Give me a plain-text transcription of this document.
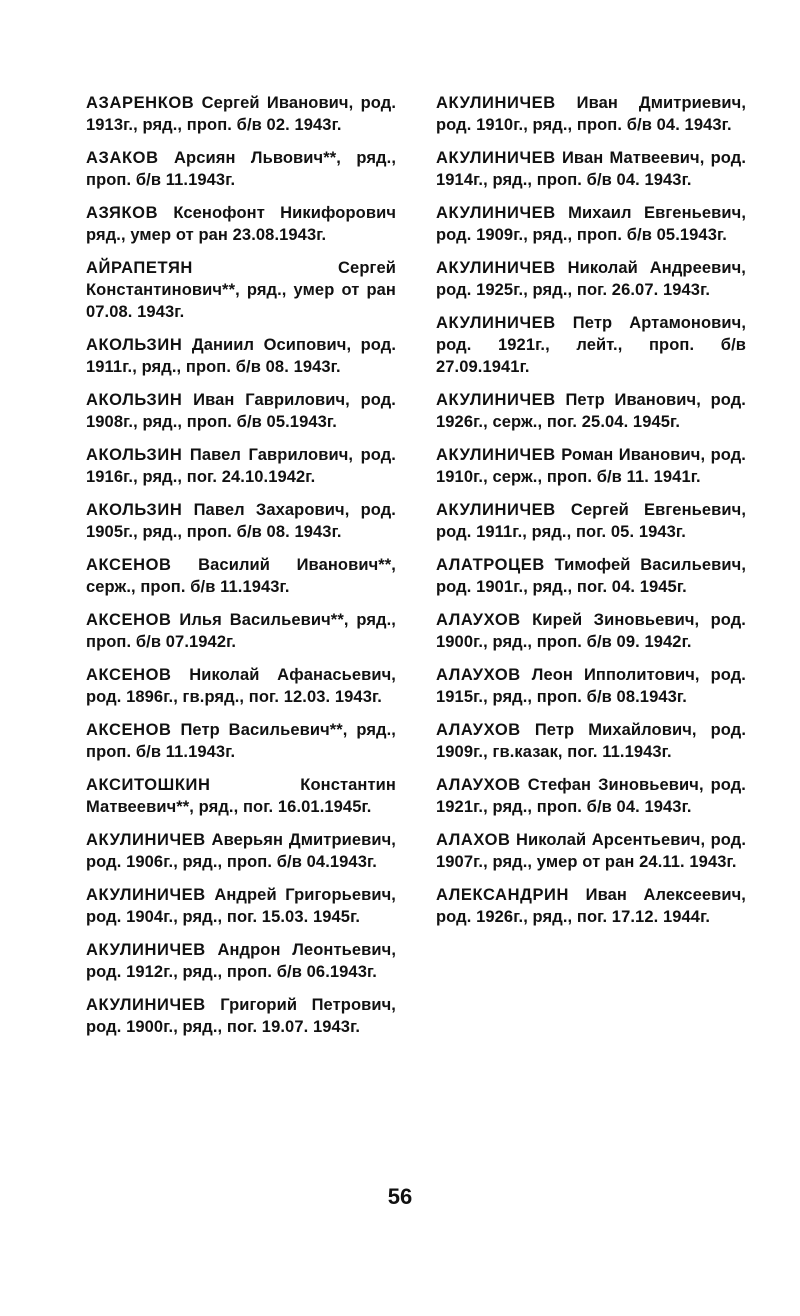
АЗАРЕНКОВ Сергей Иванович, род. 1913г., ряд., проп. б/в 02. 1943г.

АЗАКОВ Арсиян Львович**, ряд., проп. б/в 11.1943г.

АЗЯКОВ Ксенофонт Никифорович ряд., умер от ран 23.08.1943г.

АЙРАПЕТЯН	Сергей Константинович**, ряд., умер от ран 07.08. 1943г.

АКОЛЬЗИН Даниил Осипович, род. 1911г., ряд., проп. б/в 08. 1943г.

АКОЛЬЗИН Иван Гаврилович, род. 1908г., ряд., проп. б/в 05.1943г.

АКОЛЬЗИН Павел Гаврилович, род. 1916г., ряд., пог. 24.10.1942г.

АКОЛЬЗИН Павел Захарович, род. 1905г., ряд., проп. б/в 08. 1943г.

АКСЕНОВ Василий Иванович**, серж., проп. б/в 11.1943г.

АКСЕНОВ Илья Васильевич**, ряд., проп. б/в 07.1942г.

АКСЕНОВ Николай Афанасьевич, род. 1896г., гв.ряд., пог. 12.03. 1943г.

АКСЕНОВ Петр Васильевич**, ряд., проп. б/в 11.1943г.

АКСИТОШКИН	Константин Матвеевич**, ряд., пог. 16.01.1945г.

АКУЛИНИЧЕВ Аверьян Дмитриевич, род. 1906г., ряд., проп. б/в 04.1943г.

АКУЛИНИЧЕВ Андрей Григорьевич, род. 1904г., ряд., пог. 15.03. 1945г.

АКУЛИНИЧЕВ Андрон Леонтьевич, род. 1912г., ряд., проп. б/в 06.1943г.

АКУЛИНИЧЕВ Григорий Петрович, род. 1900г., ряд., пог. 19.07. 1943г.

АКУЛИНИЧЕВ Иван Дмитриевич, род. 1910г., ряд., проп. б/в 04. 1943г.

АКУЛИНИЧЕВ Иван Матвеевич, род. 1914г., ряд., проп. б/в 04. 1943г.

АКУЛИНИЧЕВ Михаил Евгеньевич, род. 1909г., ряд., проп. б/в 05.1943г.

АКУЛИНИЧЕВ Николай Андреевич, род. 1925г., ряд., пог. 26.07. 1943г.

АКУЛИНИЧЕВ Петр Артамонович, род. 1921г., лейт., проп. б/в 27.09.1941г.

АКУЛИНИЧЕВ Петр Иванович, род. 1926г., серж., пог. 25.04. 1945г.

АКУЛИНИЧЕВ Роман Иванович, род. 1910г., серж., проп. б/в 11. 1941г.

АКУЛИНИЧЕВ Сергей Евгеньевич, род. 1911г., ряд., пог. 05. 1943г.

АЛАТРОЦЕВ Тимофей Васильевич, род. 1901г., ряд., пог. 04. 1945г.

АЛАУХОВ Кирей Зиновьевич, род. 1900г., ряд., проп. б/в 09. 1942г.

АЛАУХОВ Леон Ипполитович, род. 1915г., ряд., проп. б/в 08.1943г.

АЛАУХОВ Петр Михайлович, род. 1909г., гв.казак, пог. 11.1943г.

АЛАУХОВ Стефан Зиновьевич, род. 1921г., ряд., проп. б/в 04. 1943г.

АЛАХОВ Николай Арсентьевич, род. 1907г., ряд., умер от ран 24.11. 1943г.

АЛЕКСАНДРИН Иван Алексеевич, род. 1926г., ряд., пог. 17.12. 1944г.

56
